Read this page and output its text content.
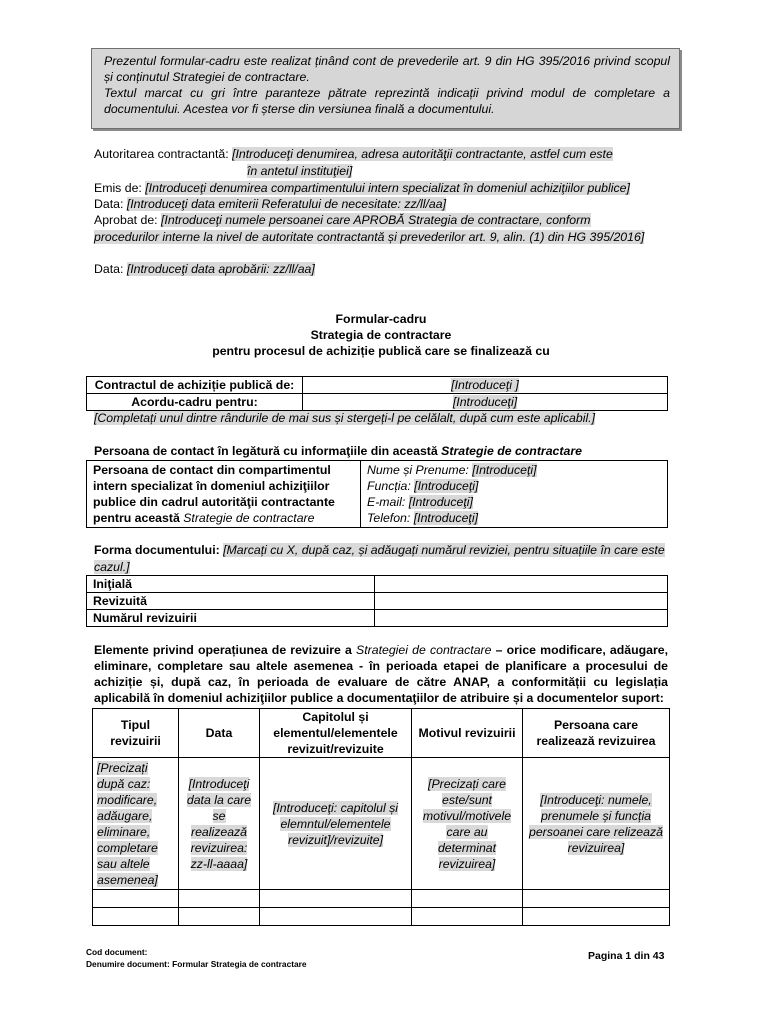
Prezentul formular-cadru este realizat ținând cont de prevederile art. 9 din HG 395/2016 privind scopul și conținutul Strategiei de contractare.

Textul marcat cu gri între paranteze pătrate reprezintă indicații privind modul de completare a documentului. Acestea vor fi șterse din versiunea finală a documentului.

Autoritarea contractantă: [Introduceţi denumirea, adresa autorităţii contractante, astfel cum este
în antetul instituţiei]
Emis de: [Introduceţi denumirea compartimentului intern specializat în domeniul achiziţiilor publice]
Data: [Introduceţi data emiterii Referatului de necesitate: zz/ll/aa]
Aprobat de: [Introduceţi numele persoanei care APROBĂ Strategia de contractare, conform procedurilor interne la nivel de autoritate contractantă și prevederilor art. 9, alin. (1) din HG 395/2016]
Data: [Introduceţi data aprobării: zz/ll/aa]
Formular-cadru
Strategia de contractare
pentru procesul de achiziție publică care se finalizează cu
Contractul de achiziție publică de:	[Introduceţi ]
Acordu-cadru pentru:	[Introduceţi]
[Completați unul dintre rândurile de mai sus și stergeți-l pe celălalt, după cum este aplicabil.]
Persoana de contact în legătură cu informaţiile din această Strategie de contractare
Persoana de contact din compartimentul
intern specializat în domeniul achiziţiilor
publice din cadrul autorităţii contractante
pentru această Strategie de contractare

Nume și Prenume: [Introduceţi]
Funcția: [Introduceţi]
E-mail: [Introduceţi]
Telefon: [Introduceţi]
Forma documentului: [Marcați cu X, după caz, și adăugați numărul reviziei, pentru situațiile în care este cazul.]
Iniţială	
Revizuită	
Numărul revizuirii	
Elemente privind operațiunea de revizuire a Strategiei de contractare – orice modificare, adăugare, eliminare, completare sau altele asemenea - în perioada etapei de planificare a procesului de achiziție și, după caz, în perioada de evaluare de către ANAP, a conformității cu legislația aplicabilă în domeniul achiziţiilor publice a documentaţiilor de atribuire și a documentelor suport:
Tipul revizuirii	Data	Capitolul și elementul/elementele revizuit/revizuite	Motivul revizuirii	Persoana care realizează revizuirea
[Precizați după caz: modificare, adăugare, eliminare, completare sau altele asemenea]	[Introduceţi data la care se realizează revizuirea: zz-ll-aaaa]	[Introduceţi: capitolul și elemntul/elementele revizuit]/revizuite]	[Precizați care este/sunt motivul/motivele care au determinat revizuirea]	[Introduceţi: numele, prenumele și funcția persoanei care relizează revizuirea]

Cod document:
Denumire document: Formular Strategia de contractare
Pagina 1 din 43
